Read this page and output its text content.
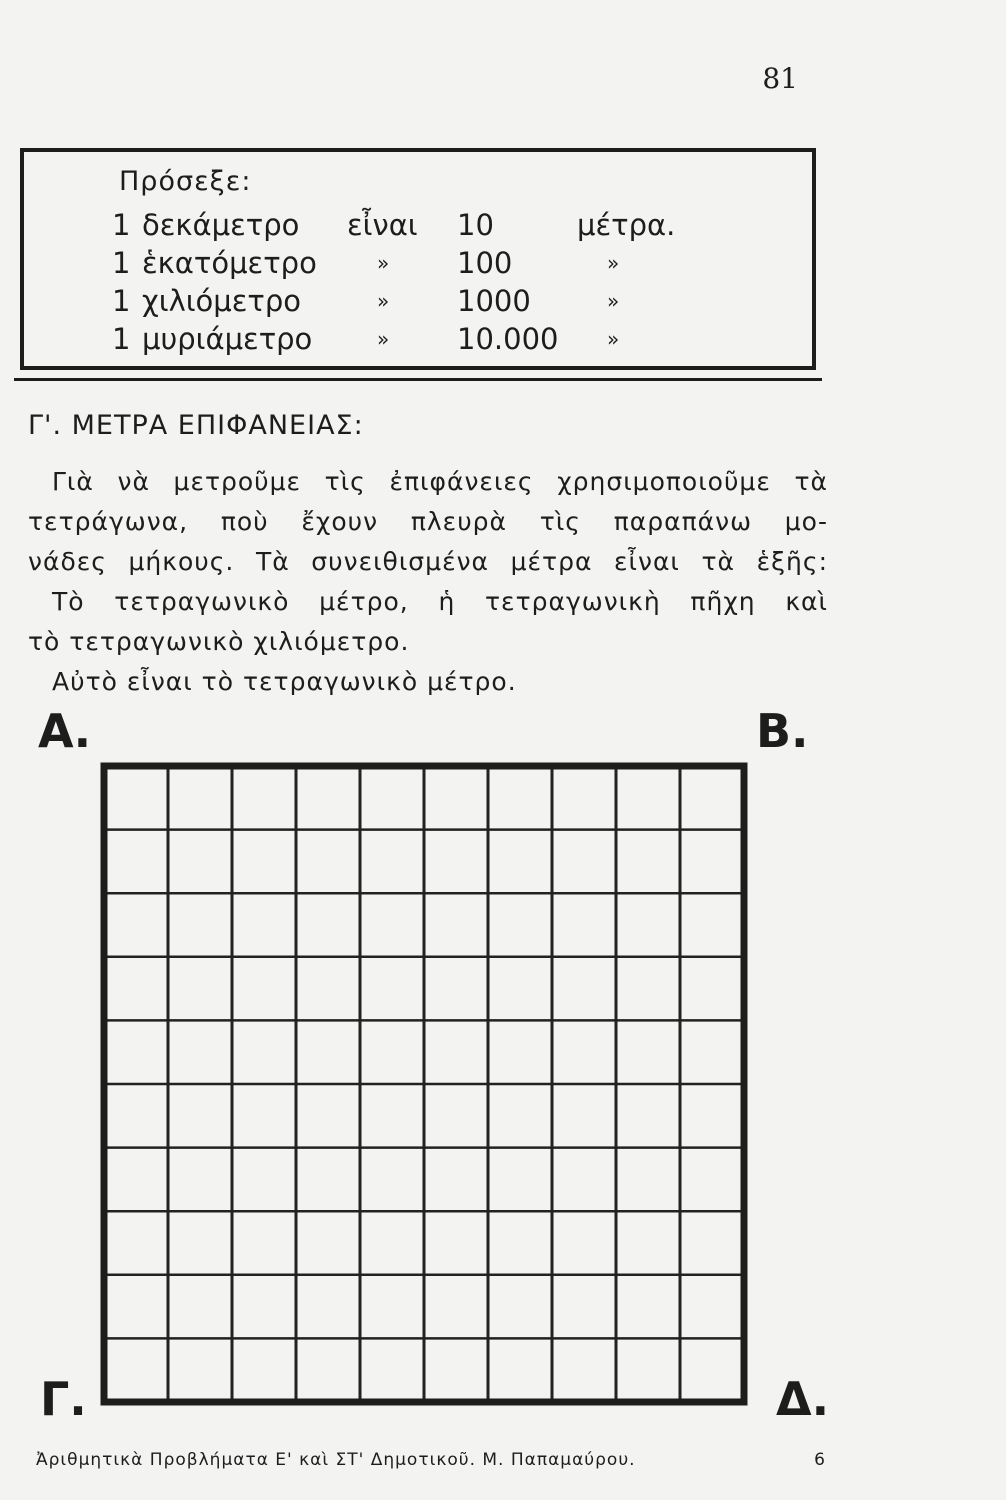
81
Πρόσεξε:
1 δεκάμετρο εἶναι 10	μέτρα.
1 ἑκατόμετρο	» 100	»
1 χιλιόμετρο	» 1000	»
1 μυριάμετρο	» 10.000 »
Γ'. ΜΕΤΡΑ ΕΠΙΦΑΝΕΙΑΣ:

Γιὰ νὰ μετροῦμε τὶς ἐπιφάνειες χρησιμοποιοῦμε τὰ

τετράγωνα, ποὺ ἔχουν πλευρὰ τὶς παραπάνω μο-

νάδες μήκους. Τὰ συνειθισμένα μέτρα εἶναι τὰ ἑξῆς:

Τὸ τετραγωνικὸ μέτρο, ἡ τετραγωνικὴ πῆχη καὶ

τὸ τετραγωνικὸ χιλιόμετρο.

Αὐτὸ εἶναι τὸ τετραγωνικὸ μέτρο.

Α.	Β.
Γ.	Δ.
Ἀριθμητικὰ Προβλήματα Ε' καὶ ΣΤ' Δημοτικοῦ. Μ. Παπαμαύρου.	6
